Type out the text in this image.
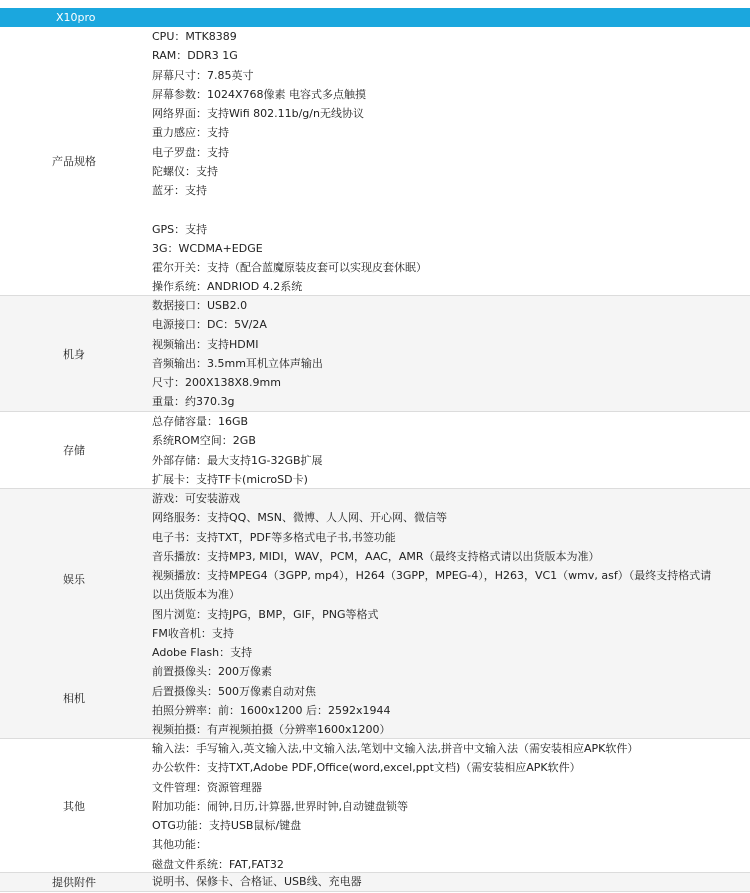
X10pro
产品规格
CPU：MTK8389
RAM：DDR3 1G
屏幕尺寸：7.85英寸
屏幕参数：1024X768像素 电容式多点触摸
网络界面：支持Wifi 802.11b/g/n无线协议
重力感应：支持
电子罗盘：支持
陀螺仪：支持
蓝牙：支持
GPS：支持
3G：WCDMA+EDGE
霍尔开关：支持（配合蓝魔原装皮套可以实现皮套休眠）
操作系统：ANDRIOD 4.2系统
机身
数据接口：USB2.0
电源接口：DC：5V/2A
视频输出：支持HDMI
音频输出：3.5mm耳机立体声输出
尺寸：200X138X8.9mm
重量：约370.3g
存储
总存储容量：16GB
系统ROM空间：2GB
外部存储：最大支持1G-32GB扩展
扩展卡：支持TF卡(microSD卡)
娱乐
相机
游戏：可安装游戏
网络服务：支持QQ、MSN、微博、人人网、开心网、微信等
电子书：支持TXT，PDF等多格式电子书,书签功能
音乐播放：支持MP3, MIDI，WAV，PCM，AAC，AMR（最终支持格式请以出货版本为准）
视频播放：支持MPEG4（3GPP, mp4），H264（3GPP，MPEG-4），H263，VC1（wmv, asf）（最终支持格式请
以出货版本为准）
图片浏览：支持JPG，BMP，GIF，PNG等格式
FM收音机：支持
Adobe Flash：支持
前置摄像头：200万像素
后置摄像头：500万像素自动对焦
拍照分辨率：前：1600x1200 后：2592x1944
视频拍摄：有声视频拍摄（分辨率1600x1200）
其他
输入法：手写输入,英文输入法,中文输入法,笔划中文输入法,拼音中文输入法（需安装相应APK软件）
办公软件：支持TXT,Adobe PDF,Office(word,excel,ppt文档)（需安装相应APK软件）
文件管理：资源管理器
附加功能：闹钟,日历,计算器,世界时钟,自动键盘锁等
OTG功能：支持USB鼠标/键盘
其他功能：
磁盘文件系统：FAT,FAT32
提供附件	说明书、保修卡、合格证、USB线、充电器
